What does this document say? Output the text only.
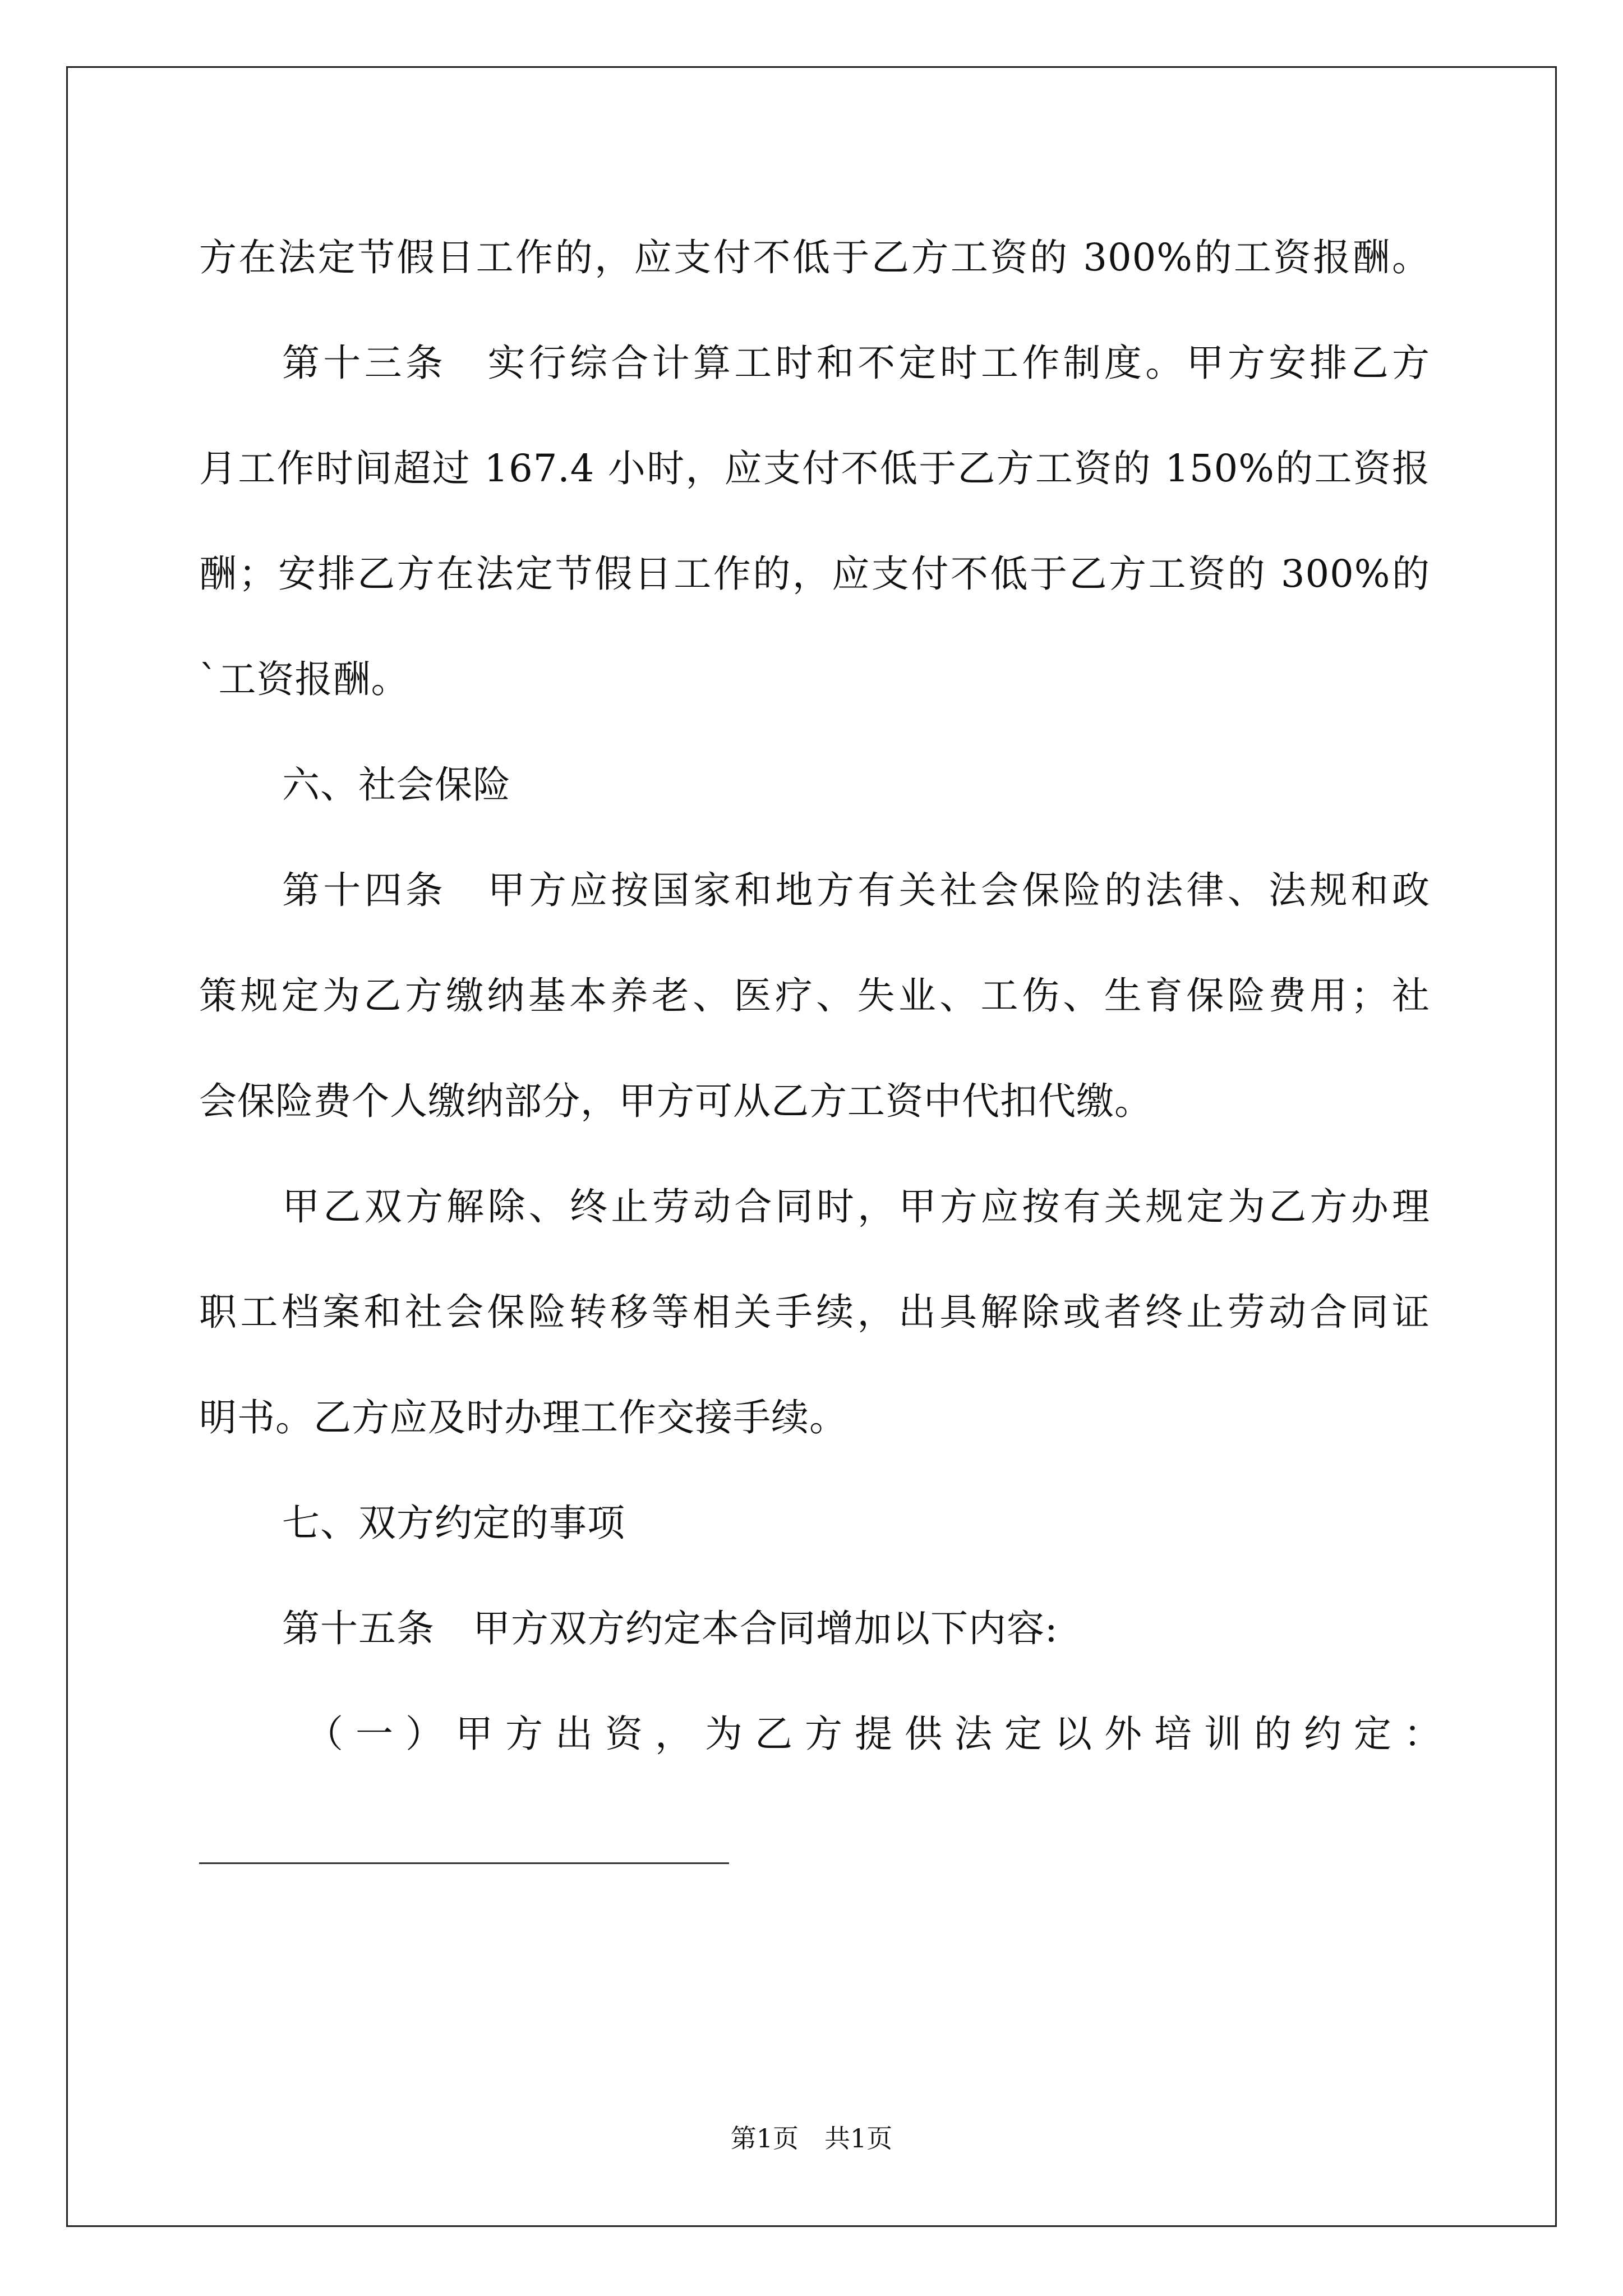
方在法定节假日工作的，应支付不低于乙方工资的 300%的工资报酬。
第十三条　实行综合计算工时和不定时工作制度。甲方安排乙方
月工作时间超过 167.4 小时，应支付不低于乙方工资的 150%的工资报
酬；安排乙方在法定节假日工作的，应支付不低于乙方工资的 300%的
`工资报酬。
六、社会保险
第十四条　甲方应按国家和地方有关社会保险的法律、法规和政
策规定为乙方缴纳基本养老、医疗、失业、工伤、生育保险费用；社
会保险费个人缴纳部分，甲方可从乙方工资中代扣代缴。
甲乙双方解除、终止劳动合同时，甲方应按有关规定为乙方办理
职工档案和社会保险转移等相关手续，出具解除或者终止劳动合同证
明书。乙方应及时办理工作交接手续。
七、双方约定的事项
第十五条　甲方双方约定本合同增加以下内容:
（一）甲方出资，为乙方提供法定以外培训的约定：
第1页　共1页
